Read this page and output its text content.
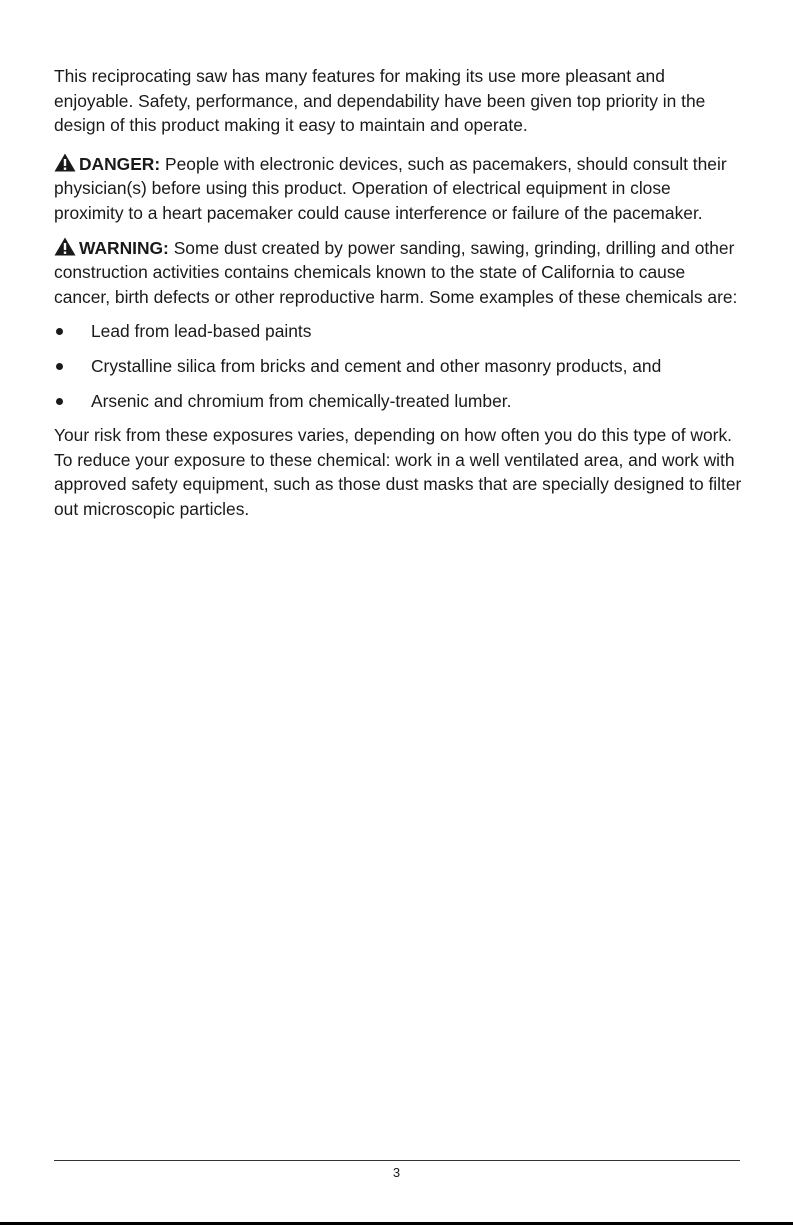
This reciprocating saw has many features for making its use more pleasant and enjoyable. Safety, performance, and dependability have been given top priority in the design of this product making it easy to maintain and operate.

DANGER: People with electronic devices, such as pacemakers, should consult their physician(s) before using this product. Operation of electrical equipment in close proximity to a heart pacemaker could cause interference or failure of the pacemaker.

WARNING: Some dust created by power sanding, sawing, grinding, drilling and other construction activities contains chemicals known to the state of California to cause cancer, birth defects or other reproductive harm. Some examples of these chemicals are:

Lead from lead-based paints
Crystalline silica from bricks and cement and other masonry products, and
Arsenic and chromium from chemically-treated lumber.

Your risk from these exposures varies, depending on how often you do this type of work. To reduce your exposure to these chemical: work in a well ventilated area, and work with approved safety equipment, such as those dust masks that are specially designed to filter out microscopic particles.

3
